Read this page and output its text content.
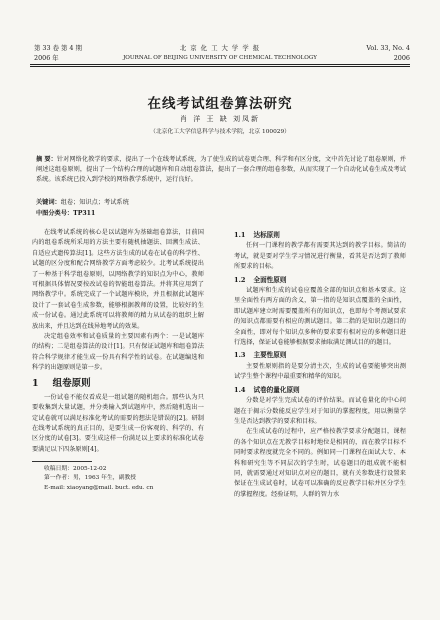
第 33 卷 第 4 期
2006 年
北 京 化 工 大 学 学 报
JOURNAL OF BEIJING UNIVERSITY OF CHEMICAL TECHNOLOGY
Vol. 33, No. 4
2006
在线考试组卷算法研究
肖 洋 王 缺 刘凤新
（北京化工大学信息科学与技术学院，北京 100029）
摘 要：针对网络化教学的要求，提出了一个在线考试系统，为了使生成的试卷更合理、科学和有区分度，文中首先讨论了组卷原则，并阐述这组卷原则，提出了一个结构合理的试题库和自动组卷算法，提出了一套合理的组卷参数，从而实现了一个自动化试卷生成及考试系统。该系统已投入到学校的网络教学系统中，运行良好。
关键词：组卷；知识点；考试系统
中图分类号：TP311

在线考试系统的核心是以试题库为基础组卷算法，目前国内的组卷系统所采用的方法主要有随机抽题法、回溯生成法、自适应式遗传算法[1]。这些方法生成的试卷在试卷的科学性、试题的区分度和配合网络教学方面考虑较少。北考试系统提出了一种基于科学组卷原则，以网络教学的知识点为中心，教师可根据具体情况要按改试卷的智能组卷算法。并将其应用到了网络教学中。系统完成了一个试题库模块，并且根据此试题库设计了一套试卷生成参数，能够根据教师的设置，比较好的生成一份试卷。通过此系统可以将教师的精力从试卷的组织上解放出来，并且达到在线异地考试的效果。

决定组卷效率和试卷质量的主要因素有两个：一是试题库的结构；二是组卷算法的设计[1]。只有保证试题库和组卷算法符合科学规律才能生成一份具有科学性的试卷。在试题编选和科学的出题原则是第一步。

1 组卷原则

一份试卷不能仅看成是一组试题的随机组合。那些认为只要收集到大量试题，并分类输入到试题库中，然后随机选出一定试卷就可以满足标准化考试的需要的想法是错误的[2]。研制在线考试系统的真正目的，是要生成一份客观的、科学的、有区分度的试卷[3]。要生成这样一份满足以上要求的标准化试卷要满足以下四条原则[4]。

收稿日期：2005-12-02

第一作者：男，1963 年生，副教授

E-mail: xiaoyang@mail. buct. edu. cn

1.1 达标原则

任何一门课程的教学都有需要其达到的教学目标。简洁的考试，就是要对学生学习情况进行衡量，看其是否达到了教师所要求的目标。

1.2 全面性原则

试题库和生成的试卷应覆盖全部的知识点和基本要求。这里全面性有两方面的含义，第一指的是知识点覆盖的全面性，即试题库建立时需要覆盖所有的知识点，也即每个考测试要求的知识点都需要有相应的测试题目。第二指的是知识点题目的全面性，即对每个知识点多种的要求要有相对应的多种题目进行选择，保证试卷能够根据要求抽取满足测试目的的题目。

1.3 主要性原则

主要性原则指的是要分清主次，生成的试卷要能够突出测试学生整个课程中最重要和精华的知识。

1.4 试卷的量化原则

分数是对学生完成试卷的评价结果。而试卷量化的中心问题在于揭示分数能反应学生对于知识的掌握程度，用以衡量学生是否达到教学的要求和目标。

在生成试卷的过程中，应严格按教学要求分配题目，课程的各个知识点在无教学目标时地位是相同的，而在教学目标不同时要求程度就完全不同的。例如同一门课程在面试大专、本科和研究生等不同层次的学生时，试卷题目的组成就不能相同，就需要通过对知识点对应的题目，就有关参数进行设置来保证在生成试卷时，试卷可以准确的反应教学目标并区分学生的掌握程度。经验证明，人群的智力水
